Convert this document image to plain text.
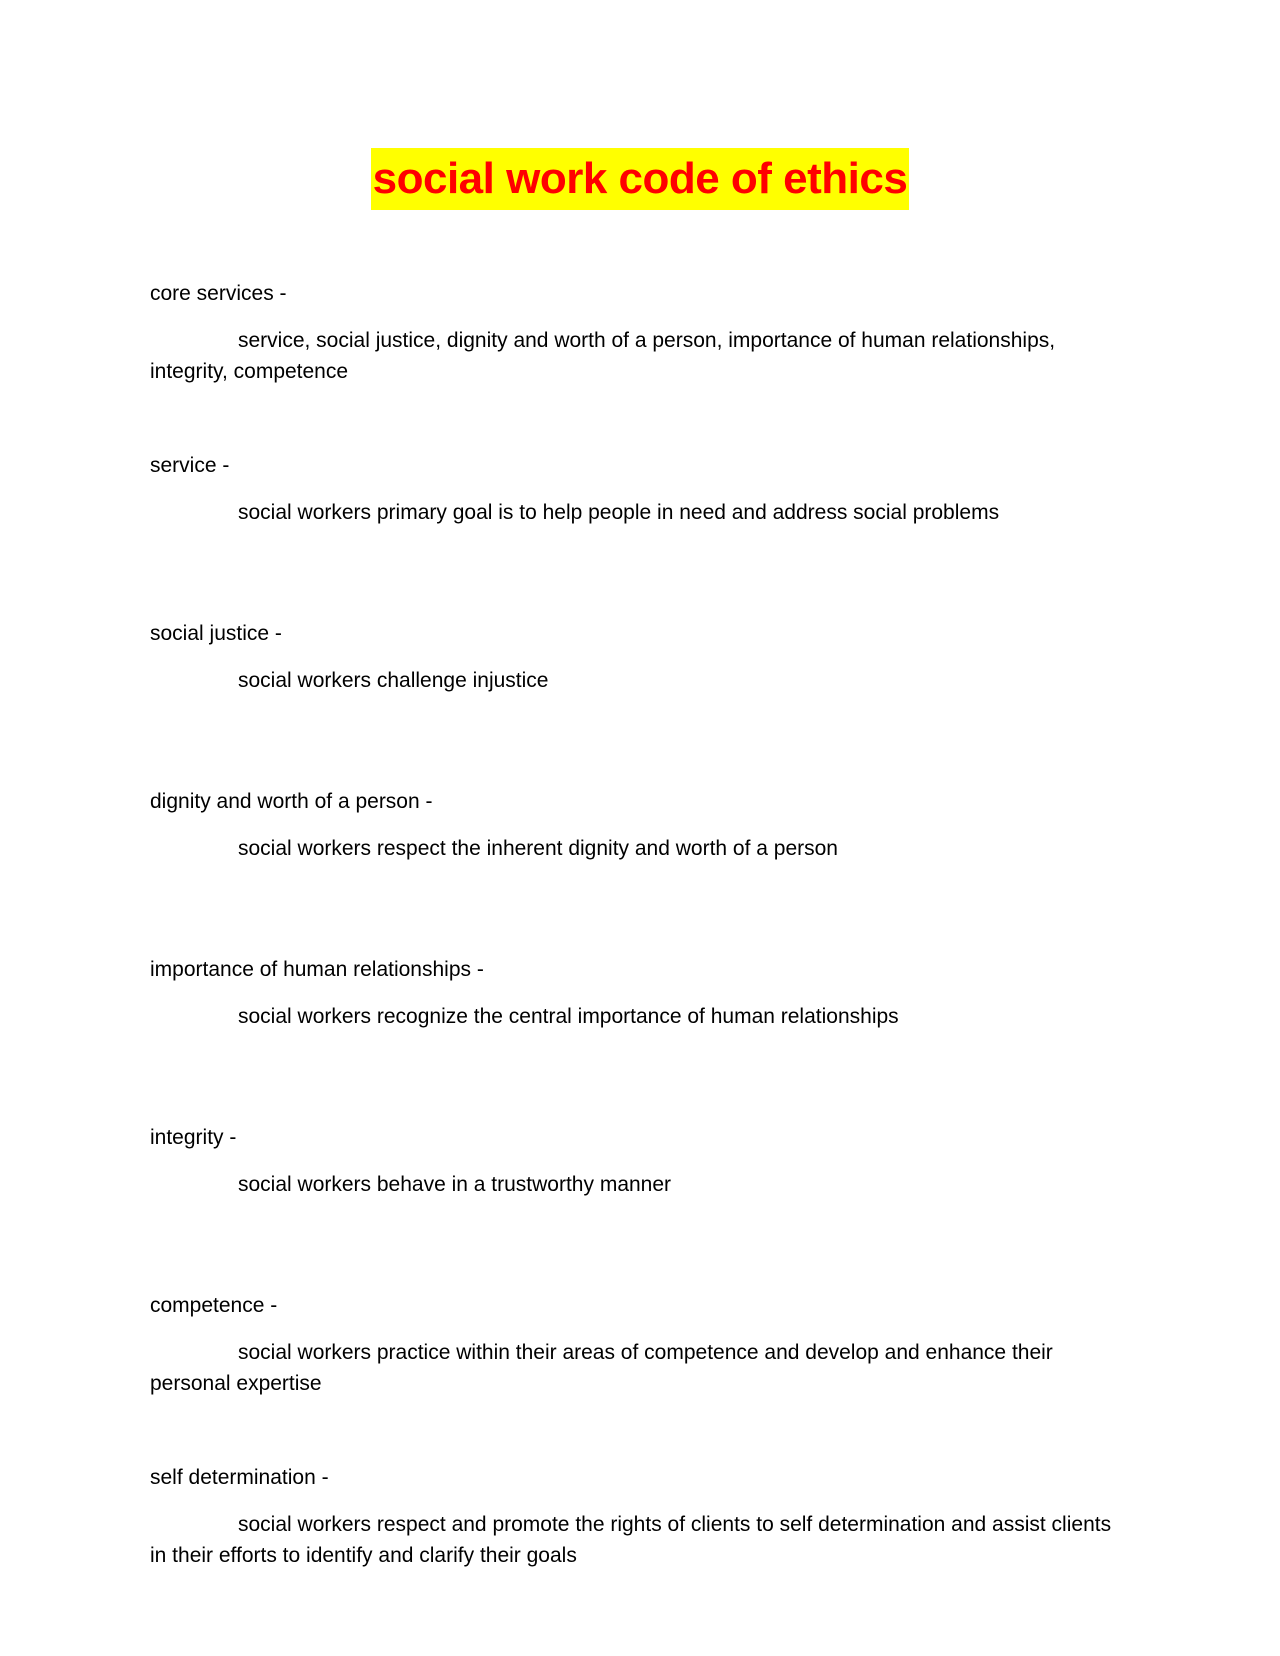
social work code of ethics

core services -

service, social justice, dignity and worth of a person, importance of human relationships, integrity, competence

service -

social workers primary goal is to help people in need and address social problems

social justice -

social workers challenge injustice

dignity and worth of a person -

social workers respect the inherent dignity and worth of a person

importance of human relationships -

social workers recognize the central importance of human relationships

integrity -

social workers behave in a trustworthy manner

competence -

social workers practice within their areas of competence and develop and enhance their personal expertise

self determination -

social workers respect and promote the rights of clients to self determination and assist clients in their efforts to identify and clarify their goals
